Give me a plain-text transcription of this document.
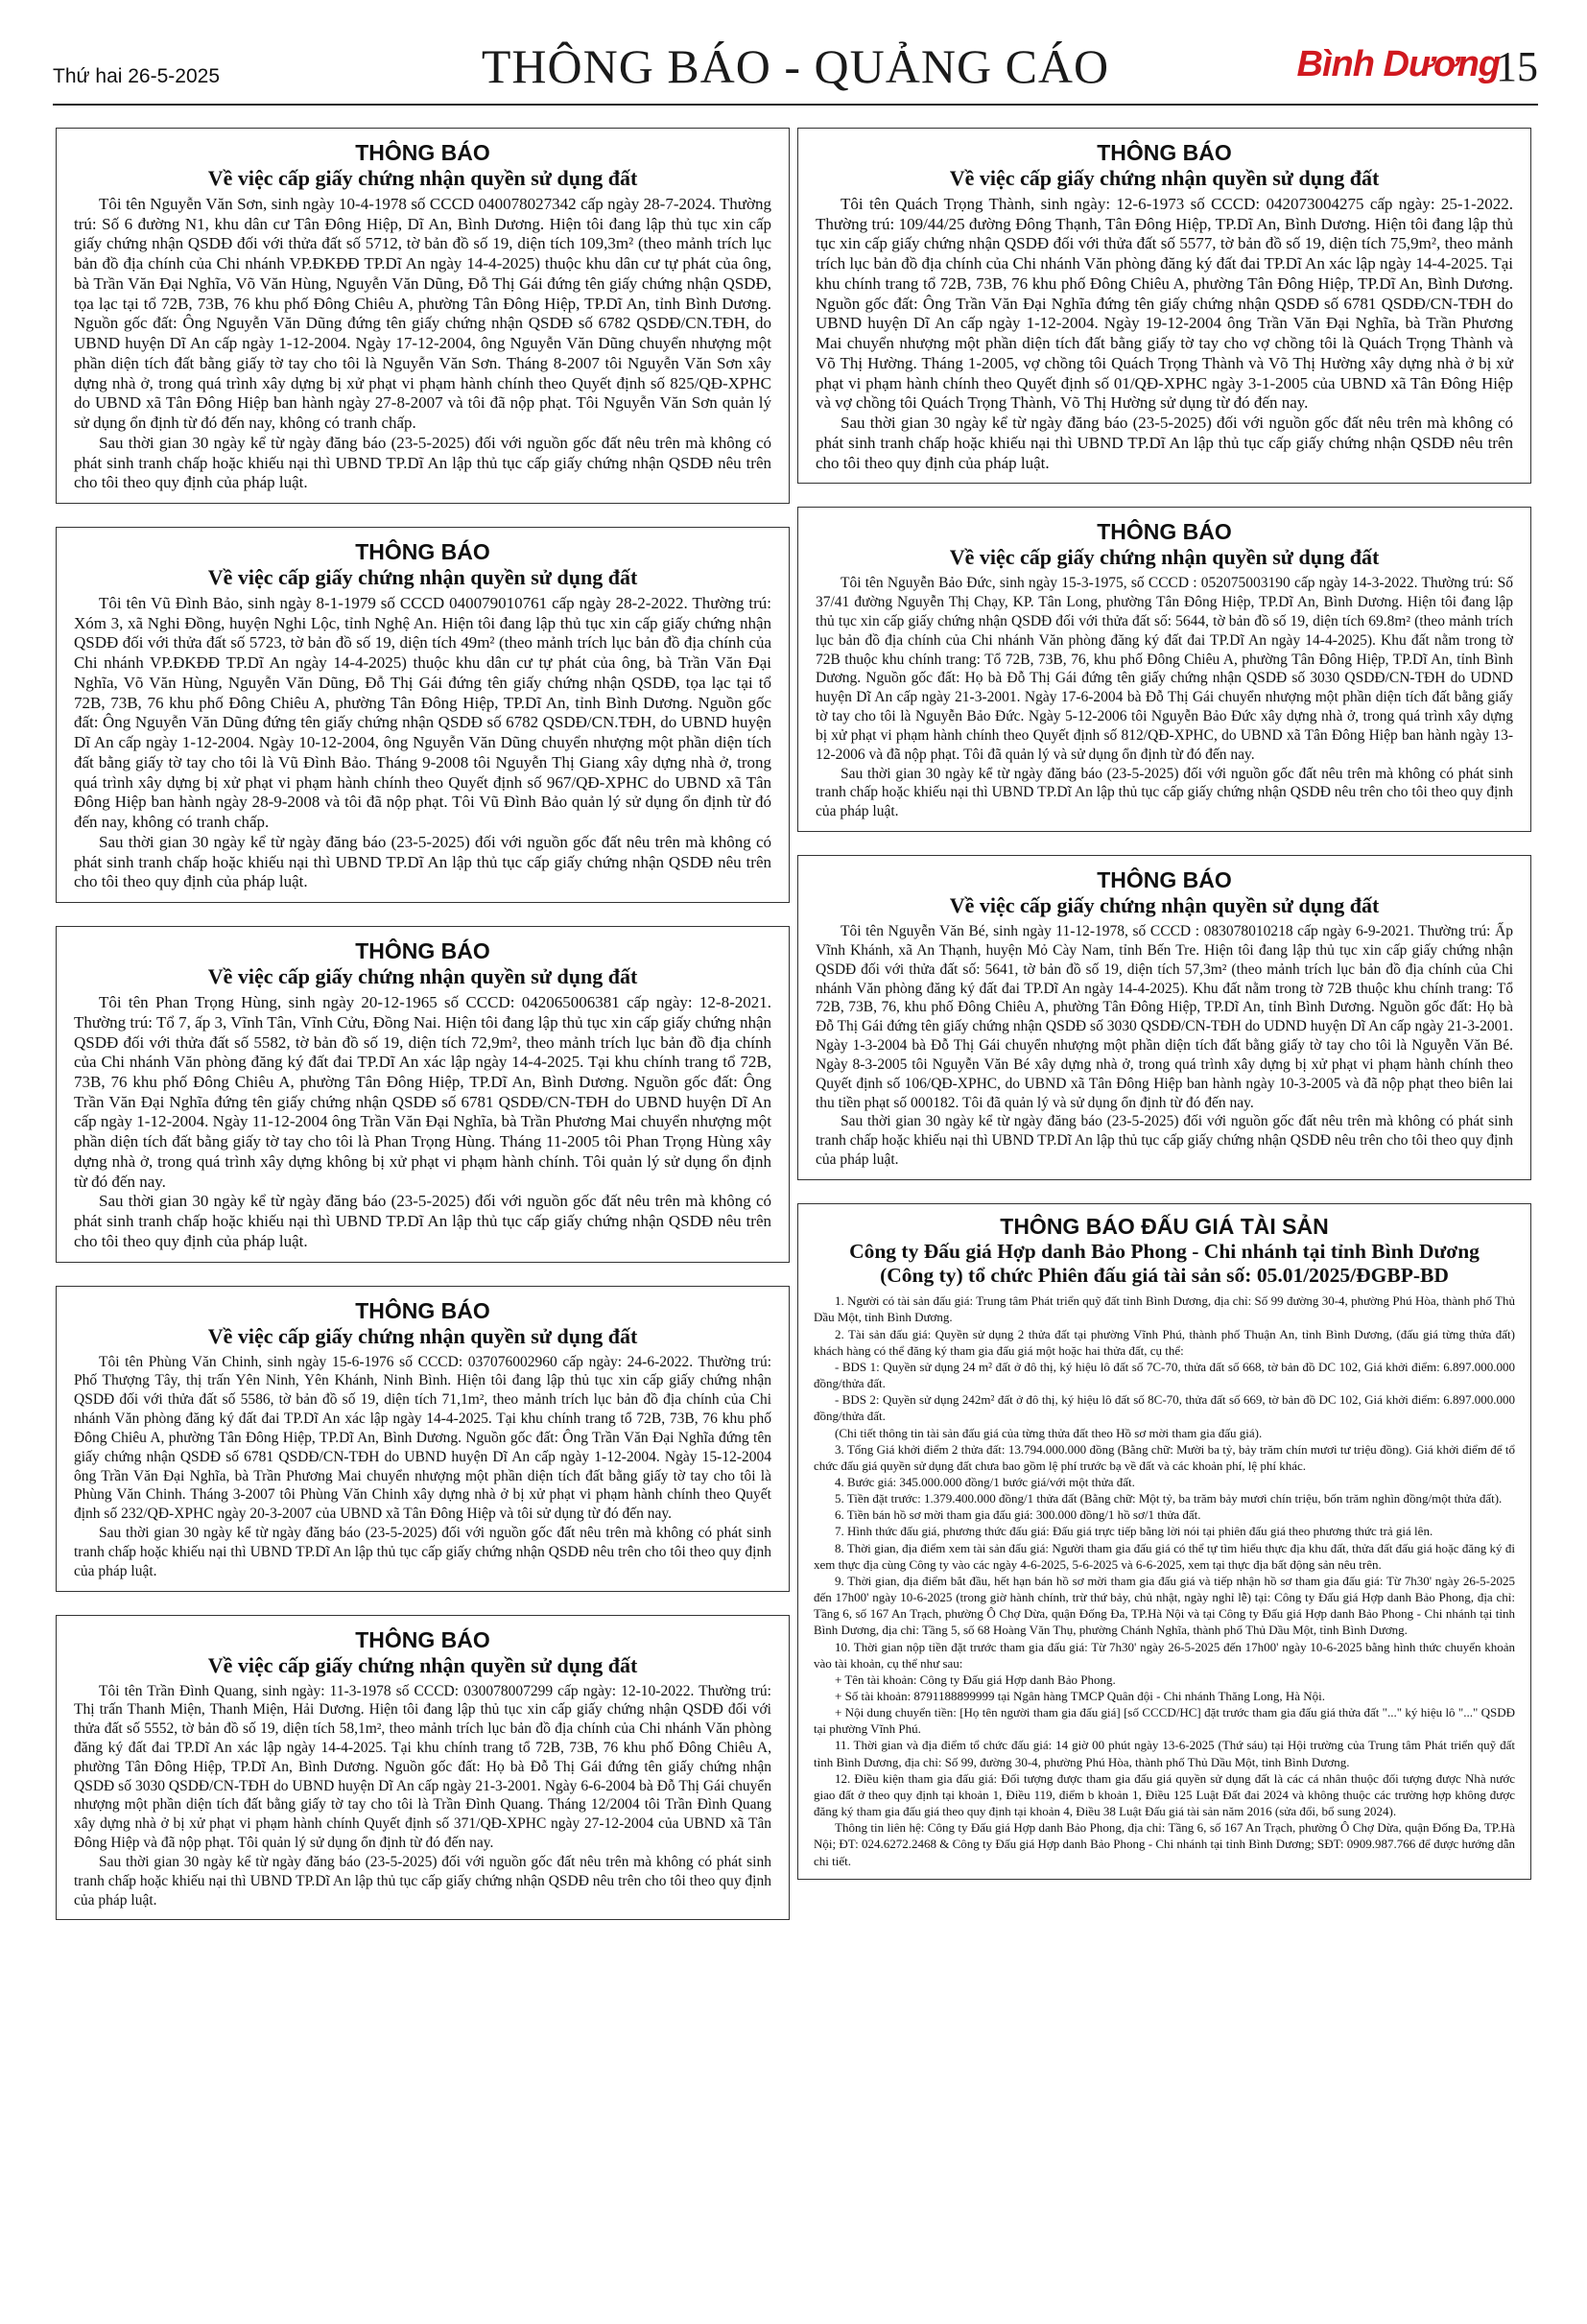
Thứ hai 26-5-2025	THÔNG BÁO - QUẢNG CÁO	Bình Dương
15
THÔNG BÁO
Về việc cấp giấy chứng nhận quyền sử dụng đất

Tôi tên Nguyễn Văn Sơn, sinh ngày 10-4-1978 số CCCD 040078027342 cấp ngày 28-7-2024. Thường trú: Số 6 đường N1, khu dân cư Tân Đông Hiệp, Dĩ An, Bình Dương. Hiện tôi đang lập thủ tục xin cấp giấy chứng nhận QSDĐ đối với thửa đất số 5712, tờ bản đồ số 19, diện tích 109,3m² (theo mảnh trích lục bản đồ địa chính của Chi nhánh VP.ĐKĐĐ TP.Dĩ An ngày 14-4-2025) thuộc khu dân cư tự phát của ông, bà Trần Văn Đại Nghĩa, Võ Văn Hùng, Nguyễn Văn Dũng, Đỗ Thị Gái đứng tên giấy chứng nhận QSDĐ, tọa lạc tại tổ 72B, 73B, 76 khu phố Đông Chiêu A, phường Tân Đông Hiệp, TP.Dĩ An, tỉnh Bình Dương. Nguồn gốc đất: Ông Nguyễn Văn Dũng đứng tên giấy chứng nhận QSDĐ số 6782 QSDĐ/CN.TĐH, do UBND huyện Dĩ An cấp ngày 1-12-2004. Ngày 17-12-2004, ông Nguyễn Văn Dũng chuyển nhượng một phần diện tích đất bằng giấy tờ tay cho tôi là Nguyễn Văn Sơn. Tháng 8-2007 tôi Nguyễn Văn Sơn xây dựng nhà ở, trong quá trình xây dựng bị xử phạt vi phạm hành chính theo Quyết định số 825/QĐ-XPHC do UBND xã Tân Đông Hiệp ban hành ngày 27-8-2007 và tôi đã nộp phạt. Tôi Nguyễn Văn Sơn quản lý sử dụng ổn định từ đó đến nay, không có tranh chấp.

Sau thời gian 30 ngày kể từ ngày đăng báo (23-5-2025) đối với nguồn gốc đất nêu trên mà không có phát sinh tranh chấp hoặc khiếu nại thì UBND TP.Dĩ An lập thủ tục cấp giấy chứng nhận QSDĐ nêu trên cho tôi theo quy định của pháp luật.

THÔNG BÁO
Về việc cấp giấy chứng nhận quyền sử dụng đất

Tôi tên Vũ Đình Bảo, sinh ngày 8-1-1979 số CCCD 040079010761 cấp ngày 28-2-2022. Thường trú: Xóm 3, xã Nghi Đồng, huyện Nghi Lộc, tỉnh Nghệ An. Hiện tôi đang lập thủ tục xin cấp giấy chứng nhận QSDĐ đối với thửa đất số 5723, tờ bản đồ số 19, diện tích 49m² (theo mảnh trích lục bản đồ địa chính của Chi nhánh VP.ĐKĐĐ TP.Dĩ An ngày 14-4-2025) thuộc khu dân cư tự phát của ông, bà Trần Văn Đại Nghĩa, Võ Văn Hùng, Nguyễn Văn Dũng, Đỗ Thị Gái đứng tên giấy chứng nhận QSDĐ, tọa lạc tại tổ 72B, 73B, 76 khu phố Đông Chiêu A, phường Tân Đông Hiệp, TP.Dĩ An, tỉnh Bình Dương. Nguồn gốc đất: Ông Nguyễn Văn Dũng đứng tên giấy chứng nhận QSDĐ số 6782 QSDĐ/CN.TĐH, do UBND huyện Dĩ An cấp ngày 1-12-2004. Ngày 10-12-2004, ông Nguyễn Văn Dũng chuyển nhượng một phần diện tích đất bằng giấy tờ tay cho tôi là Vũ Đình Bảo. Tháng 9-2008 tôi Nguyễn Thị Giang xây dựng nhà ở, trong quá trình xây dựng bị xử phạt vi phạm hành chính theo Quyết định số 967/QĐ-XPHC do UBND xã Tân Đông Hiệp ban hành ngày 28-9-2008 và tôi đã nộp phạt. Tôi Vũ Đình Bảo quản lý sử dụng ổn định từ đó đến nay, không có tranh chấp.

Sau thời gian 30 ngày kể từ ngày đăng báo (23-5-2025) đối với nguồn gốc đất nêu trên mà không có phát sinh tranh chấp hoặc khiếu nại thì UBND TP.Dĩ An lập thủ tục cấp giấy chứng nhận QSDĐ nêu trên cho tôi theo quy định của pháp luật.

THÔNG BÁO
Về việc cấp giấy chứng nhận quyền sử dụng đất

Tôi tên Phan Trọng Hùng, sinh ngày 20-12-1965 số CCCD: 042065006381 cấp ngày: 12-8-2021. Thường trú: Tổ 7, ấp 3, Vĩnh Tân, Vĩnh Cửu, Đồng Nai. Hiện tôi đang lập thủ tục xin cấp giấy chứng nhận QSDĐ đối với thửa đất số 5582, tờ bản đồ số 19, diện tích 72,9m², theo mảnh trích lục bản đồ địa chính của Chi nhánh Văn phòng đăng ký đất đai TP.Dĩ An xác lập ngày 14-4-2025. Tại khu chính trang tổ 72B, 73B, 76 khu phố Đông Chiêu A, phường Tân Đông Hiệp, TP.Dĩ An, Bình Dương. Nguồn gốc đất: Ông Trần Văn Đại Nghĩa đứng tên giấy chứng nhận QSDĐ số 6781 QSDĐ/CN-TĐH do UBND huyện Dĩ An cấp ngày 1-12-2004. Ngày 11-12-2004 ông Trần Văn Đại Nghĩa, bà Trần Phương Mai chuyển nhượng một phần diện tích đất bằng giấy tờ tay cho tôi là Phan Trọng Hùng. Tháng 11-2005 tôi Phan Trọng Hùng xây dựng nhà ở, trong quá trình xây dựng không bị xử phạt vi phạm hành chính. Tôi quản lý sử dụng ổn định từ đó đến nay.

Sau thời gian 30 ngày kể từ ngày đăng báo (23-5-2025) đối với nguồn gốc đất nêu trên mà không có phát sinh tranh chấp hoặc khiếu nại thì UBND TP.Dĩ An lập thủ tục cấp giấy chứng nhận QSDĐ nêu trên cho tôi theo quy định của pháp luật.

THÔNG BÁO
Về việc cấp giấy chứng nhận quyền sử dụng đất

Tôi tên Phùng Văn Chinh, sinh ngày 15-6-1976 số CCCD: 037076002960 cấp ngày: 24-6-2022. Thường trú: Phố Thượng Tây, thị trấn Yên Ninh, Yên Khánh, Ninh Bình. Hiện tôi đang lập thủ tục xin cấp giấy chứng nhận QSDĐ đối với thửa đất số 5586, tờ bản đồ số 19, diện tích 71,1m², theo mảnh trích lục bản đồ địa chính của Chi nhánh Văn phòng đăng ký đất đai TP.Dĩ An xác lập ngày 14-4-2025. Tại khu chính trang tổ 72B, 73B, 76 khu phố Đông Chiêu A, phường Tân Đông Hiệp, TP.Dĩ An, Bình Dương. Nguồn gốc đất: Ông Trần Văn Đại Nghĩa đứng tên giấy chứng nhận QSDĐ số 6781 QSDĐ/CN-TĐH do UBND huyện Dĩ An cấp ngày 1-12-2004. Ngày 15-12-2004 ông Trần Văn Đại Nghĩa, bà Trần Phương Mai chuyển nhượng một phần diện tích đất bằng giấy tờ tay cho tôi là Phùng Văn Chinh. Tháng 3-2007 tôi Phùng Văn Chinh xây dựng nhà ở bị xử phạt vi phạm hành chính theo Quyết định số 232/QĐ-XPHC ngày 20-3-2007 của UBND xã Tân Đông Hiệp và tôi sử dụng từ đó đến nay.

Sau thời gian 30 ngày kể từ ngày đăng báo (23-5-2025) đối với nguồn gốc đất nêu trên mà không có phát sinh tranh chấp hoặc khiếu nại thì UBND TP.Dĩ An lập thủ tục cấp giấy chứng nhận QSDĐ nêu trên cho tôi theo quy định của pháp luật.

THÔNG BÁO
Về việc cấp giấy chứng nhận quyền sử dụng đất

Tôi tên Trần Đình Quang, sinh ngày: 11-3-1978 số CCCD: 030078007299 cấp ngày: 12-10-2022. Thường trú: Thị trấn Thanh Miện, Thanh Miện, Hải Dương. Hiện tôi đang lập thủ tục xin cấp giấy chứng nhận QSDĐ đối với thửa đất số 5552, tờ bản đồ số 19, diện tích 58,1m², theo mảnh trích lục bản đồ địa chính của Chi nhánh Văn phòng đăng ký đất đai TP.Dĩ An xác lập ngày 14-4-2025. Tại khu chính trang tổ 72B, 73B, 76 khu phố Đông Chiêu A, phường Tân Đông Hiệp, TP.Dĩ An, Bình Dương. Nguồn gốc đất: Họ bà Đỗ Thị Gái đứng tên giấy chứng nhận QSDĐ số 3030 QSDĐ/CN-TĐH do UBND huyện Dĩ An cấp ngày 21-3-2001. Ngày 6-6-2004 bà Đỗ Thị Gái chuyển nhượng một phần diện tích đất bằng giấy tờ tay cho tôi là Trần Đình Quang. Tháng 12/2004 tôi Trần Đình Quang xây dựng nhà ở bị xử phạt vi phạm hành chính Quyết định số 371/QĐ-XPHC ngày 27-12-2004 của UBND xã Tân Đông Hiệp và đã nộp phạt. Tôi quản lý sử dụng ổn định từ đó đến nay.

Sau thời gian 30 ngày kể từ ngày đăng báo (23-5-2025) đối với nguồn gốc đất nêu trên mà không có phát sinh tranh chấp hoặc khiếu nại thì UBND TP.Dĩ An lập thủ tục cấp giấy chứng nhận QSDĐ nêu trên cho tôi theo quy định của pháp luật.

THÔNG BÁO
Về việc cấp giấy chứng nhận quyền sử dụng đất

Tôi tên Quách Trọng Thành, sinh ngày: 12-6-1973 số CCCD: 042073004275 cấp ngày: 25-1-2022. Thường trú: 109/44/25 đường Đông Thạnh, Tân Đông Hiệp, TP.Dĩ An, Bình Dương. Hiện tôi đang lập thủ tục xin cấp giấy chứng nhận QSDĐ đối với thửa đất số 5577, tờ bản đồ số 19, diện tích 75,9m², theo mảnh trích lục bản đồ địa chính của Chi nhánh Văn phòng đăng ký đất đai TP.Dĩ An xác lập ngày 14-4-2025. Tại khu chính trang tổ 72B, 73B, 76 khu phố Đông Chiêu A, phường Tân Đông Hiệp, TP.Dĩ An, Bình Dương. Nguồn gốc đất: Ông Trần Văn Đại Nghĩa đứng tên giấy chứng nhận QSDĐ số 6781 QSDĐ/CN-TĐH do UBND huyện Dĩ An cấp ngày 1-12-2004. Ngày 19-12-2004 ông Trần Văn Đại Nghĩa, bà Trần Phương Mai chuyển nhượng một phần diện tích đất bằng giấy tờ tay cho vợ chồng tôi là Quách Trọng Thành và Võ Thị Hường. Tháng 1-2005, vợ chồng tôi Quách Trọng Thành và Võ Thị Hường xây dựng nhà ở bị xử phạt vi phạm hành chính theo Quyết định số 01/QĐ-XPHC ngày 3-1-2005 của UBND xã Tân Đông Hiệp và vợ chồng tôi Quách Trọng Thành, Võ Thị Hường sử dụng từ đó đến nay.

Sau thời gian 30 ngày kể từ ngày đăng báo (23-5-2025) đối với nguồn gốc đất nêu trên mà không có phát sinh tranh chấp hoặc khiếu nại thì UBND TP.Dĩ An lập thủ tục cấp giấy chứng nhận QSDĐ nêu trên cho tôi theo quy định của pháp luật.

THÔNG BÁO
Về việc cấp giấy chứng nhận quyền sử dụng đất

Tôi tên Nguyễn Bảo Đức, sinh ngày 15-3-1975, số CCCD : 052075003190 cấp ngày 14-3-2022. Thường trú: Số 37/41 đường Nguyễn Thị Chạy, KP. Tân Long, phường Tân Đông Hiệp, TP.Dĩ An, Bình Dương. Hiện tôi đang lập thủ tục xin cấp giấy chứng nhận QSDĐ đối với thửa đất số: 5644, tờ bản đồ số 19, diện tích 69.8m² (theo mảnh trích lục bản đồ địa chính của Chi nhánh Văn phòng đăng ký đất đai TP.Dĩ An ngày 14-4-2025). Khu đất nằm trong tờ 72B thuộc khu chính trang: Tổ 72B, 73B, 76, khu phố Đông Chiêu A, phường Tân Đông Hiệp, TP.Dĩ An, tỉnh Bình Dương. Nguồn gốc đất: Họ bà Đỗ Thị Gái đứng tên giấy chứng nhận QSDĐ số 3030 QSDĐ/CN-TĐH do UDND huyện Dĩ An cấp ngày 21-3-2001. Ngày 17-6-2004 bà Đỗ Thị Gái chuyển nhượng một phần diện tích đất bằng giấy tờ tay cho tôi là Nguyễn Bảo Đức. Ngày 5-12-2006 tôi Nguyễn Bảo Đức xây dựng nhà ở, trong quá trình xây dựng bị xử phạt vi phạm hành chính theo Quyết định số 812/QĐ-XPHC, do UBND xã Tân Đông Hiệp ban hành ngày 13-12-2006 và đã nộp phạt. Tôi đã quản lý và sử dụng ổn định từ đó đến nay.

Sau thời gian 30 ngày kể từ ngày đăng báo (23-5-2025) đối với nguồn gốc đất nêu trên mà không có phát sinh tranh chấp hoặc khiếu nại thì UBND TP.Dĩ An lập thủ tục cấp giấy chứng nhận QSDĐ nêu trên cho tôi theo quy định của pháp luật.

THÔNG BÁO
Về việc cấp giấy chứng nhận quyền sử dụng đất

Tôi tên Nguyễn Văn Bé, sinh ngày 11-12-1978, số CCCD : 083078010218 cấp ngày 6-9-2021. Thường trú: Ấp Vĩnh Khánh, xã An Thạnh, huyện Mỏ Cày Nam, tỉnh Bến Tre. Hiện tôi đang lập thủ tục xin cấp giấy chứng nhận QSDĐ đối với thửa đất số: 5641, tờ bản đồ số 19, diện tích 57,3m² (theo mảnh trích lục bản đồ địa chính của Chi nhánh Văn phòng đăng ký đất đai TP.Dĩ An ngày 14-4-2025). Khu đất nằm trong tờ 72B thuộc khu chính trang: Tổ 72B, 73B, 76, khu phố Đông Chiêu A, phường Tân Đông Hiệp, TP.Dĩ An, tỉnh Bình Dương. Nguồn gốc đất: Họ bà Đỗ Thị Gái đứng tên giấy chứng nhận QSDĐ số 3030 QSDĐ/CN-TĐH do UDND huyện Dĩ An cấp ngày 21-3-2001. Ngày 1-3-2004 bà Đỗ Thị Gái chuyển nhượng một phần diện tích đất bằng giấy tờ tay cho tôi là Nguyễn Văn Bé. Ngày 8-3-2005 tôi Nguyễn Văn Bé xây dựng nhà ở, trong quá trình xây dựng bị xử phạt vi phạm hành chính theo Quyết định số 106/QĐ-XPHC, do UBND xã Tân Đông Hiệp ban hành ngày 10-3-2005 và đã nộp phạt theo biên lai thu tiền phạt số 000182. Tôi đã quản lý và sử dụng ổn định từ đó đến nay.

Sau thời gian 30 ngày kể từ ngày đăng báo (23-5-2025) đối với nguồn gốc đất nêu trên mà không có phát sinh tranh chấp hoặc khiếu nại thì UBND TP.Dĩ An lập thủ tục cấp giấy chứng nhận QSDĐ nêu trên cho tôi theo quy định của pháp luật.

THÔNG BÁO ĐẤU GIÁ TÀI SẢN
Công ty Đấu giá Hợp danh Bảo Phong - Chi nhánh tại tỉnh Bình Dương
(Công ty) tổ chức Phiên đấu giá tài sản số: 05.01/2025/ĐGBP-BD

1. Người có tài sản đấu giá: Trung tâm Phát triển quỹ đất tỉnh Bình Dương, địa chỉ: Số 99 đường 30-4, phường Phú Hòa, thành phố Thủ Dầu Một, tỉnh Bình Dương.

2. Tài sản đấu giá: Quyền sử dụng 2 thửa đất tại phường Vĩnh Phú, thành phố Thuận An, tỉnh Bình Dương, (đấu giá từng thửa đất) khách hàng có thể đăng ký tham gia đấu giá một hoặc hai thửa đất, cụ thể:

- BDS 1: Quyền sử dụng 24 m² đất ở đô thị, ký hiệu lô đất số 7C-70, thửa đất số 668, tờ bản đồ DC 102, Giá khởi điểm: 6.897.000.000 đồng/thửa đất.

- BDS 2: Quyền sử dụng 242m² đất ở đô thị, ký hiệu lô đất số 8C-70, thửa đất số 669, tờ bản đồ DC 102, Giá khởi điểm: 6.897.000.000 đồng/thửa đất.

(Chi tiết thông tin tài sản đấu giá của từng thửa đất theo Hồ sơ mời tham gia đấu giá).

3. Tổng Giá khởi điểm 2 thửa đất: 13.794.000.000 đồng (Bằng chữ: Mười ba tỷ, bảy trăm chín mươi tư triệu đồng). Giá khởi điểm để tổ chức đấu giá quyền sử dụng đất chưa bao gồm lệ phí trước bạ về đất và các khoản phí, lệ phí khác.

4. Bước giá: 345.000.000 đồng/1 bước giá/với một thửa đất.

5. Tiền đặt trước: 1.379.400.000 đồng/1 thửa đất (Bằng chữ: Một tỷ, ba trăm bảy mươi chín triệu, bốn trăm nghìn đồng/một thửa đất).

6. Tiền bán hồ sơ mời tham gia đấu giá: 300.000 đồng/1 hồ sơ/1 thửa đất.

7. Hình thức đấu giá, phương thức đấu giá: Đấu giá trực tiếp bằng lời nói tại phiên đấu giá theo phương thức trả giá lên.

8. Thời gian, địa điểm xem tài sản đấu giá: Người tham gia đấu giá có thể tự tìm hiểu thực địa khu đất, thửa đất đấu giá hoặc đăng ký đi xem thực địa cùng Công ty vào các ngày 4-6-2025, 5-6-2025 và 6-6-2025, xem tại thực địa bất động sản nêu trên.

9. Thời gian, địa điểm bắt đầu, hết hạn bán hồ sơ mời tham gia đấu giá và tiếp nhận hồ sơ tham gia đấu giá: Từ 7h30' ngày 26-5-2025 đến 17h00' ngày 10-6-2025 (trong giờ hành chính, trừ thứ bảy, chủ nhật, ngày nghỉ lễ) tại: Công ty Đấu giá Hợp danh Bảo Phong, địa chỉ: Tầng 6, số 167 An Trạch, phường Ô Chợ Dừa, quận Đống Đa, TP.Hà Nội và tại Công ty Đấu giá Hợp danh Bảo Phong - Chi nhánh tại tỉnh Bình Dương, địa chỉ: Tầng 5, số 68 Hoàng Văn Thụ, phường Chánh Nghĩa, thành phố Thủ Dầu Một, tỉnh Bình Dương.

10. Thời gian nộp tiền đặt trước tham gia đấu giá: Từ 7h30' ngày 26-5-2025 đến 17h00' ngày 10-6-2025 bằng hình thức chuyển khoản vào tài khoản, cụ thể như sau:

+ Tên tài khoản: Công ty Đấu giá Hợp danh Bảo Phong.

+ Số tài khoản: 8791188899999 tại Ngân hàng TMCP Quân đội - Chi nhánh Thăng Long, Hà Nội.

+ Nội dung chuyển tiền: [Họ tên người tham gia đấu giá] [số CCCD/HC] đặt trước tham gia đấu giá thửa đất "..." ký hiệu lô "..." QSDĐ tại phường Vĩnh Phú.

11. Thời gian và địa điểm tổ chức đấu giá: 14 giờ 00 phút ngày 13-6-2025 (Thứ sáu) tại Hội trường của Trung tâm Phát triển quỹ đất tỉnh Bình Dương, địa chỉ: Số 99, đường 30-4, phường Phú Hòa, thành phố Thủ Dầu Một, tỉnh Bình Dương.

12. Điều kiện tham gia đấu giá: Đối tượng được tham gia đấu giá quyền sử dụng đất là các cá nhân thuộc đối tượng được Nhà nước giao đất ở theo quy định tại khoản 1, Điều 119, điểm b khoản 1, Điều 125 Luật Đất đai 2024 và không thuộc các trường hợp không được đăng ký tham gia đấu giá theo quy định tại khoản 4, Điều 38 Luật Đấu giá tài sản năm 2016 (sửa đổi, bổ sung 2024).

Thông tin liên hệ: Công ty Đấu giá Hợp danh Bảo Phong, địa chỉ: Tầng 6, số 167 An Trạch, phường Ô Chợ Dừa, quận Đống Đa, TP.Hà Nội; ĐT: 024.6272.2468 & Công ty Đấu giá Hợp danh Bảo Phong - Chi nhánh tại tỉnh Bình Dương; SĐT: 0909.987.766 để được hướng dẫn chi tiết.
